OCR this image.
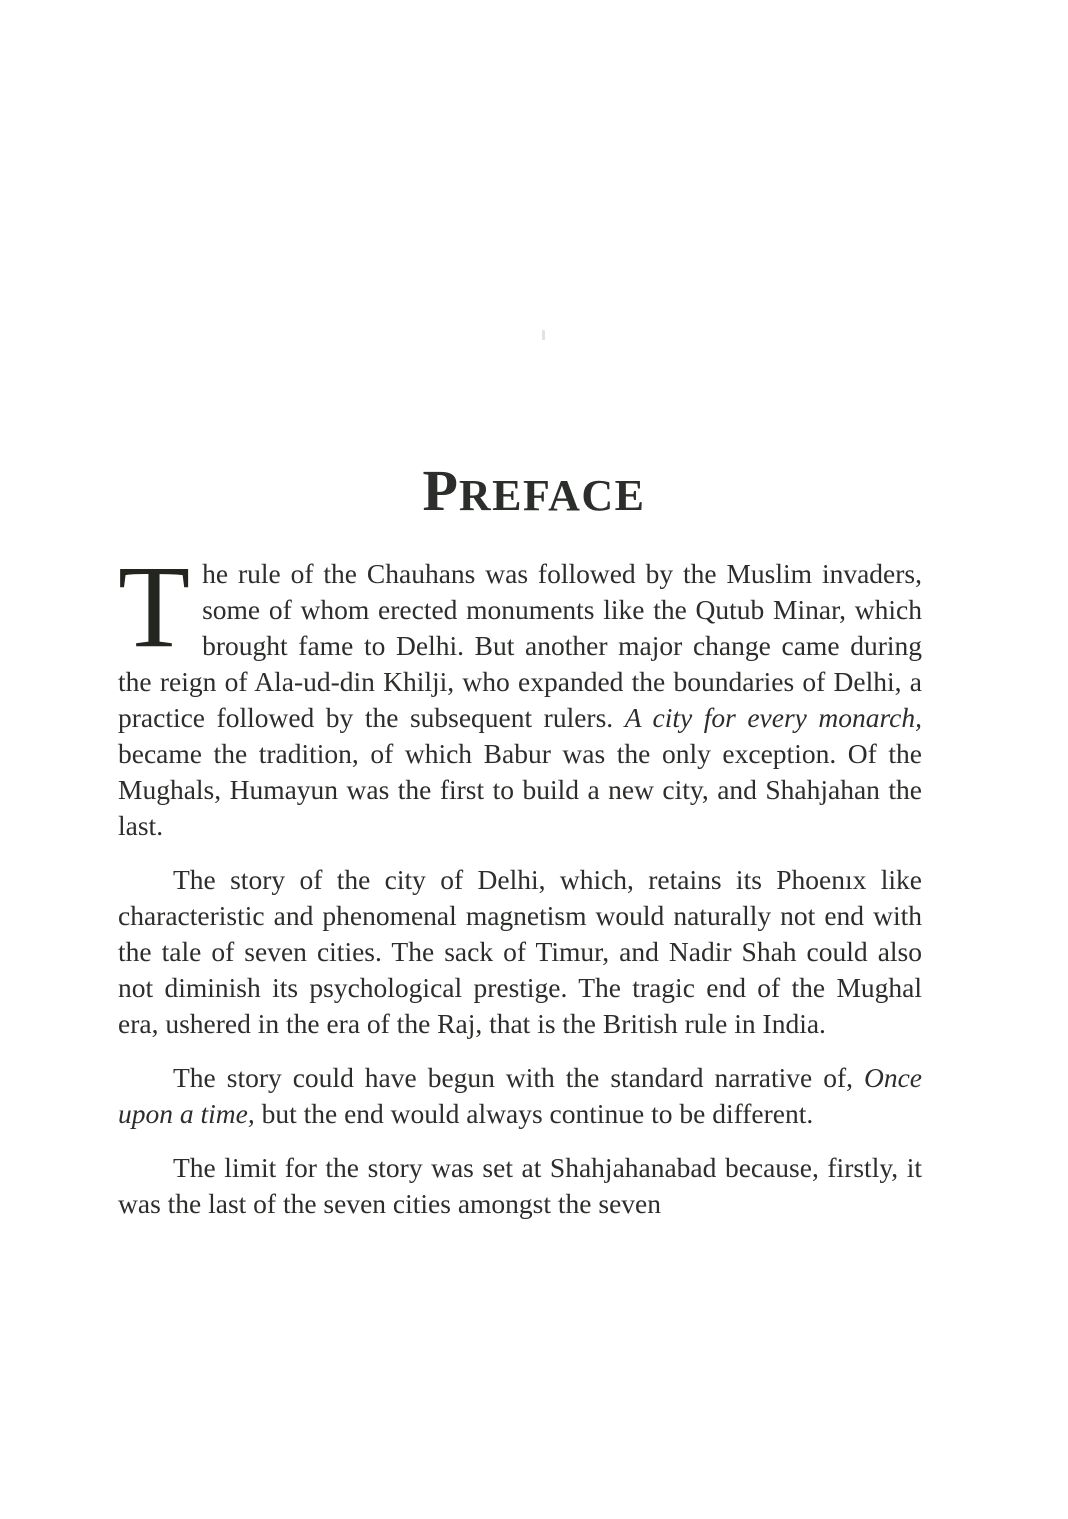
PREFACE

The rule of the Chauhans was followed by the Muslim invaders, some of whom erected monuments like the Qutub Minar, which brought fame to Delhi. But another major change came during the reign of Ala-ud-din Khilji, who expanded the boundaries of Delhi, a practice followed by the subsequent rulers. A city for every monarch, became the tradition, of which Babur was the only exception. Of the Mughals, Humayun was the first to build a new city, and Shahjahan the last.

The story of the city of Delhi, which, retains its Phoenıx like characteristic and phenomenal magnetism would naturally not end with the tale of seven cities. The sack of Timur, and Nadir Shah could also not diminish its psychological prestige. The tragic end of the Mughal era, ushered in the era of the Raj, that is the British rule in India.

The story could have begun with the standard narrative of, Once upon a time, but the end would always continue to be different.

The limit for the story was set at Shahjahanabad because, firstly, it was the last of the seven cities amongst the seven
